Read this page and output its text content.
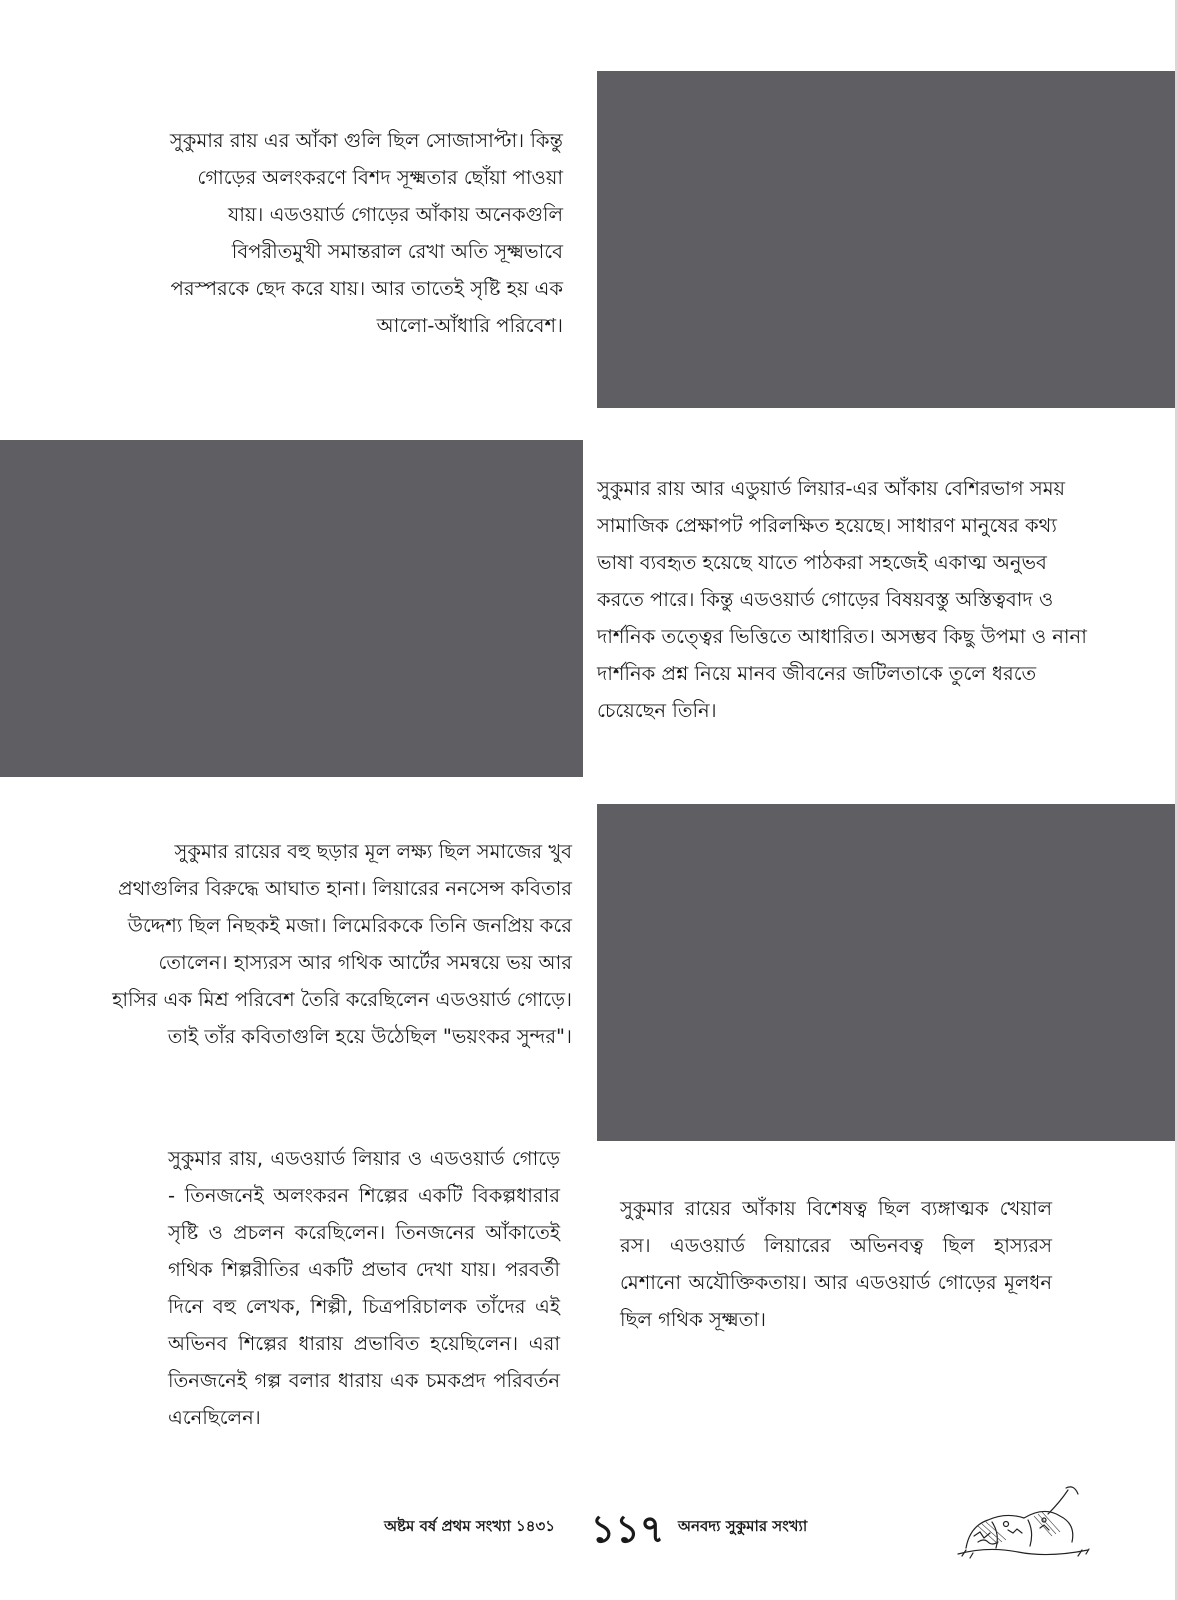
সুকুমার রায় এর আঁকা গুলি ছিল সোজাসাপ্টা। কিন্তু গোড়ের অলংকরণে বিশদ সূক্ষ্মতার ছোঁয়া পাওয়া যায়। এডওয়ার্ড গোড়ের আঁকায় অনেকগুলি বিপরীতমুখী সমান্তরাল রেখা অতি সূক্ষ্মভাবে পরস্পরকে ছেদ করে যায়। আর তাতেই সৃষ্টি হয় এক আলো-আঁধারি পরিবেশ।

সুকুমার রায় আর এডুয়ার্ড লিয়ার-এর আঁকায় বেশিরভাগ সময় সামাজিক প্রেক্ষাপট পরিলক্ষিত হয়েছে। সাধারণ মানুষের কথ্য ভাষা ব্যবহৃত হয়েছে যাতে পাঠকরা সহজেই একাত্ম অনুভব করতে পারে। কিন্তু এডওয়ার্ড গোড়ের বিষয়বস্তু অস্তিত্ববাদ ও দার্শনিক তত্ত্বের ভিত্তিতে আধারিত। অসম্ভব কিছু উপমা ও নানা দার্শনিক প্রশ্ন নিয়ে মানব জীবনের জটিলতাকে তুলে ধরতে চেয়েছেন তিনি।

সুকুমার রায়ের বহু ছড়ার মূল লক্ষ্য ছিল সমাজের খুব প্রথাগুলির বিরুদ্ধে আঘাত হানা। লিয়ারের ননসেন্স কবিতার উদ্দেশ্য ছিল নিছকই মজা। লিমেরিককে তিনি জনপ্রিয় করে তোলেন। হাস্যরস আর গথিক আর্টের সমন্বয়ে ভয় আর হাসির এক মিশ্র পরিবেশ তৈরি করেছিলেন এডওয়ার্ড গোড়ে। তাই তাঁর কবিতাগুলি হয়ে উঠেছিল "ভয়ংকর সুন্দর"।

সুকুমার রায়, এডওয়ার্ড লিয়ার ও এডওয়ার্ড গোড়ে - তিনজনেই অলংকরন শিল্পের একটি বিকল্পধারার সৃষ্টি ও প্রচলন করেছিলেন। তিনজনের আঁকাতেই গথিক শিল্পরীতির একটি প্রভাব দেখা যায়। পরবর্তী দিনে বহু লেখক, শিল্পী, চিত্রপরিচালক তাঁদের এই অভিনব শিল্পের ধারায় প্রভাবিত হয়েছিলেন। এরা তিনজনেই গল্প বলার ধারায় এক চমকপ্রদ পরিবর্তন এনেছিলেন।

সুকুমার রায়ের আঁকায় বিশেষত্ব ছিল ব্যঙ্গাত্মক খেয়াল রস। এডওয়ার্ড লিয়ারের অভিনবত্ব ছিল হাস্যরস মেশানো অযৌক্তিকতায়। আর এডওয়ার্ড গোড়ের মূলধন ছিল গথিক সূক্ষ্মতা।

অষ্টম বর্ষ প্রথম সংখ্যা ১৪৩১ ১১৭ অনবদ্য সুকুমার সংখ্যা
